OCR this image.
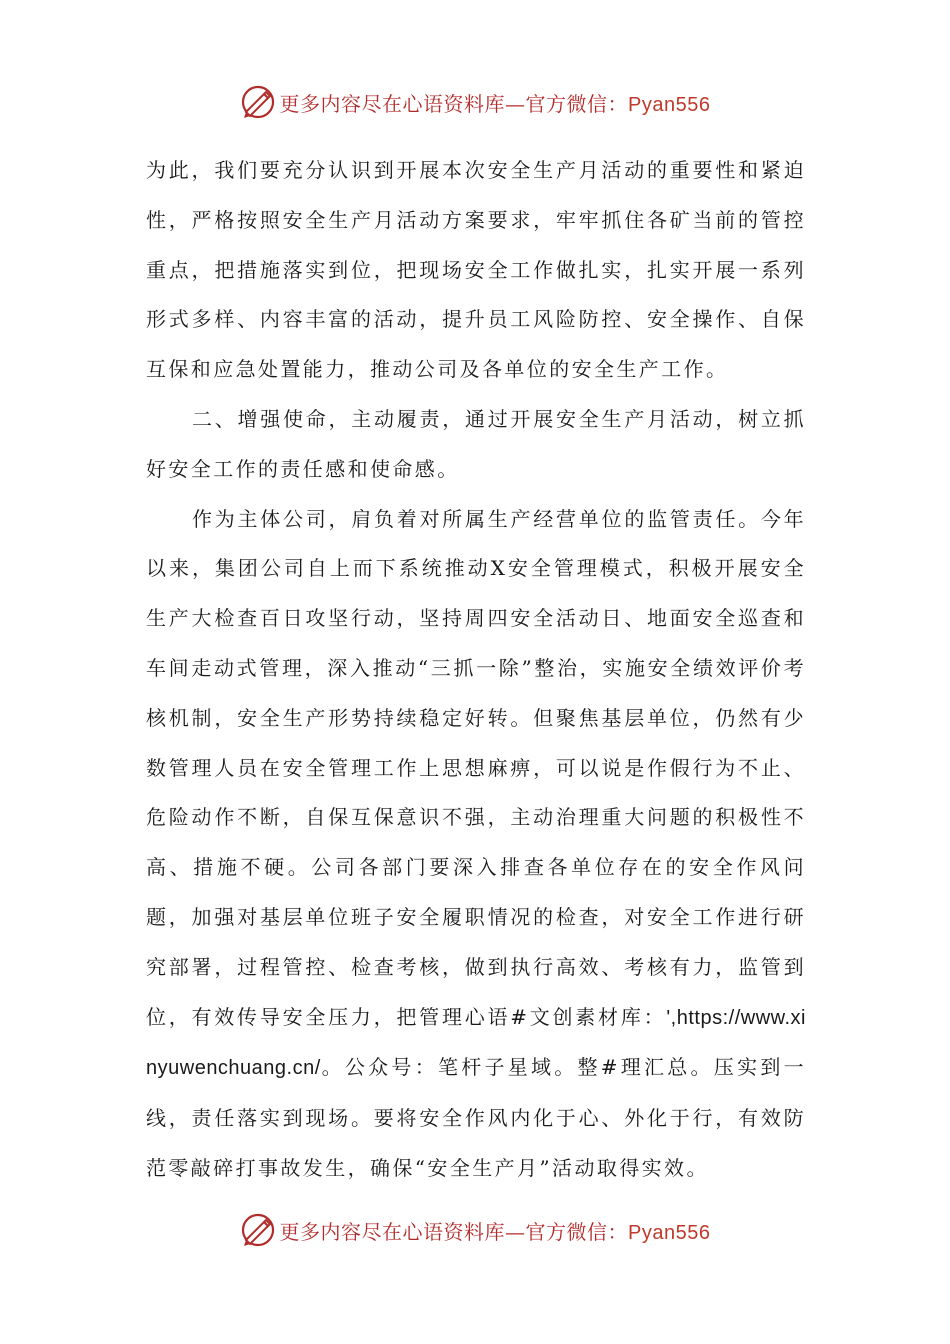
更多内容尽在心语资料库—官方微信：Pyan556

为此，我们要充分认识到开展本次安全生产月活动的重要性和紧迫性，严格按照安全生产月活动方案要求，牢牢抓住各矿当前的管控重点，把措施落实到位，把现场安全工作做扎实，扎实开展一系列形式多样、内容丰富的活动，提升员工风险防控、安全操作、自保互保和应急处置能力，推动公司及各单位的安全生产工作。

二、增强使命，主动履责，通过开展安全生产月活动，树立抓好安全工作的责任感和使命感。

作为主体公司，肩负着对所属生产经营单位的监管责任。今年以来，集团公司自上而下系统推动X安全管理模式，积极开展安全生产大检查百日攻坚行动，坚持周四安全活动日、地面安全巡查和车间走动式管理，深入推动“三抓一除”整治，实施安全绩效评价考核机制，安全生产形势持续稳定好转。但聚焦基层单位，仍然有少数管理人员在安全管理工作上思想麻痹，可以说是作假行为不止、危险动作不断，自保互保意识不强，主动治理重大问题的积极性不高、措施不硬。公司各部门要深入排查各单位存在的安全作风问题，加强对基层单位班子安全履职情况的检查，对安全工作进行研究部署，过程管控、检查考核，做到执行高效、考核有力，监管到位，有效传导安全压力，把管理心语#文创素材库：',https://www.xinyuwenchuang.cn/。公众号：笔杆子星域。整#理汇总。压实到一线，责任落实到现场。要将安全作风内化于心、外化于行，有效防范零敲碎打事故发生，确保“安全生产月”活动取得实效。

更多内容尽在心语资料库—官方微信：Pyan556
